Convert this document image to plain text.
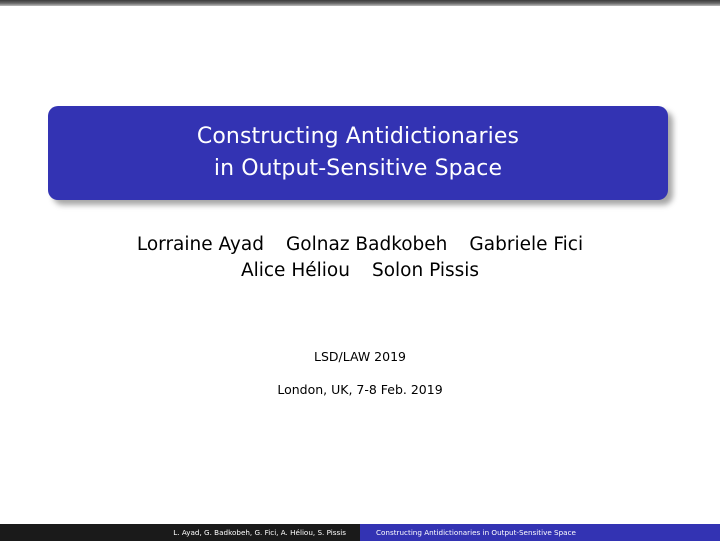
Constructing Antidictionaries
in Output-Sensitive Space
Lorraine Ayad Golnaz Badkobeh Gabriele Fici
Alice Héliou Solon Pissis
LSD/LAW 2019
London, UK, 7-8 Feb. 2019
L. Ayad, G. Badkobeh, G. Fici, A. Héliou, S. Pissis	Constructing Antidictionaries in Output-Sensitive Space
